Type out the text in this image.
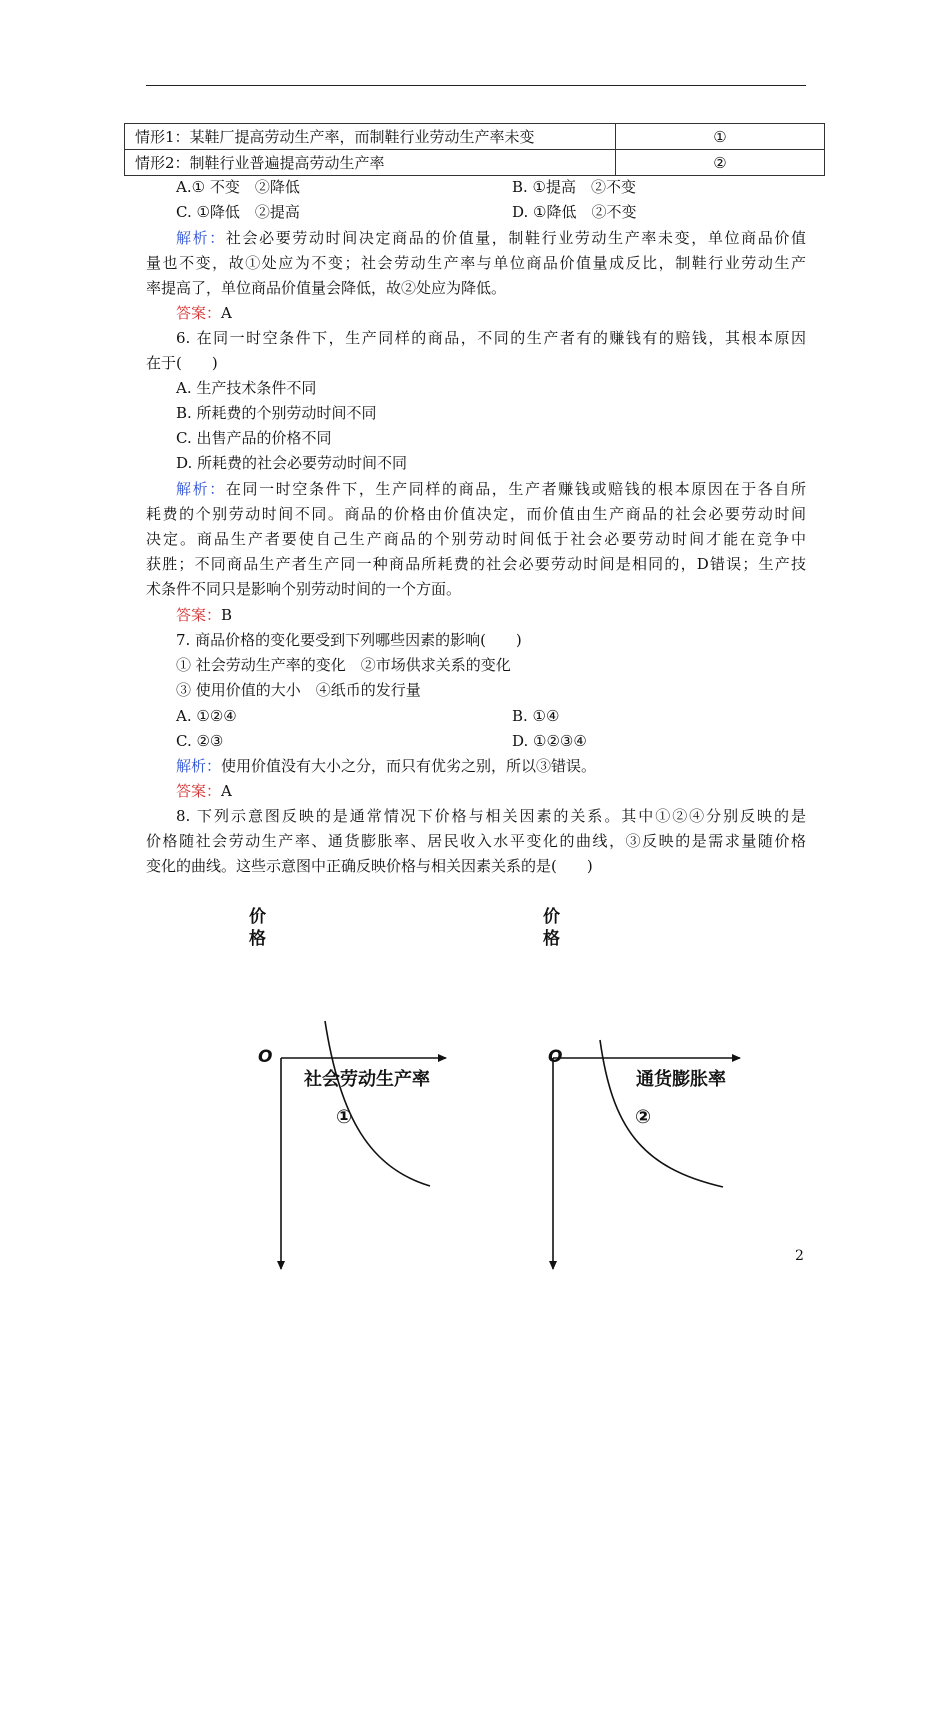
情形1：某鞋厂提高劳动生产率，而制鞋行业劳动生产率未变	①
情形2：制鞋行业普遍提高劳动生产率	②
A.① 不变　②降低	B. ①提高　②不变
C. ①降低　②提高	D. ①降低　②不变
解析：社会必要劳动时间决定商品的价值量，制鞋行业劳动生产率未变，单位商品价值
量也不变，故①处应为不变；社会劳动生产率与单位商品价值量成反比，制鞋行业劳动生产
率提高了，单位商品价值量会降低，故②处应为降低。
答案：A
6. 在同一时空条件下，生产同样的商品，不同的生产者有的赚钱有的赔钱，其根本原因
在于(　　)
A. 生产技术条件不同
B. 所耗费的个别劳动时间不同
C. 出售产品的价格不同
D. 所耗费的社会必要劳动时间不同
解析：在同一时空条件下，生产同样的商品，生产者赚钱或赔钱的根本原因在于各自所
耗费的个别劳动时间不同。商品的价格由价值决定，而价值由生产商品的社会必要劳动时间
决定。商品生产者要使自己生产商品的个别劳动时间低于社会必要劳动时间才能在竞争中
获胜；不同商品生产者生产同一种商品所耗费的社会必要劳动时间是相同的，D错误；生产技
术条件不同只是影响个别劳动时间的一个方面。
答案：B
7. 商品价格的变化要受到下列哪些因素的影响(　　)
① 社会劳动生产率的变化　②市场供求关系的变化
③ 使用价值的大小　④纸币的发行量
A. ①②④	B. ①④
C. ②③	D. ①②③④
解析：使用价值没有大小之分，而只有优劣之别，所以③错误。
答案：A
8. 下列示意图反映的是通常情况下价格与相关因素的关系。其中①②④分别反映的是
价格随社会劳动生产率、通货膨胀率、居民收入水平变化的曲线，③反映的是需求量随价格
变化的曲线。这些示意图中正确反映价格与相关因素关系的是(　　)
价
格
O
社会劳动生产率
①
价
格
O
通货膨胀率
②
2
